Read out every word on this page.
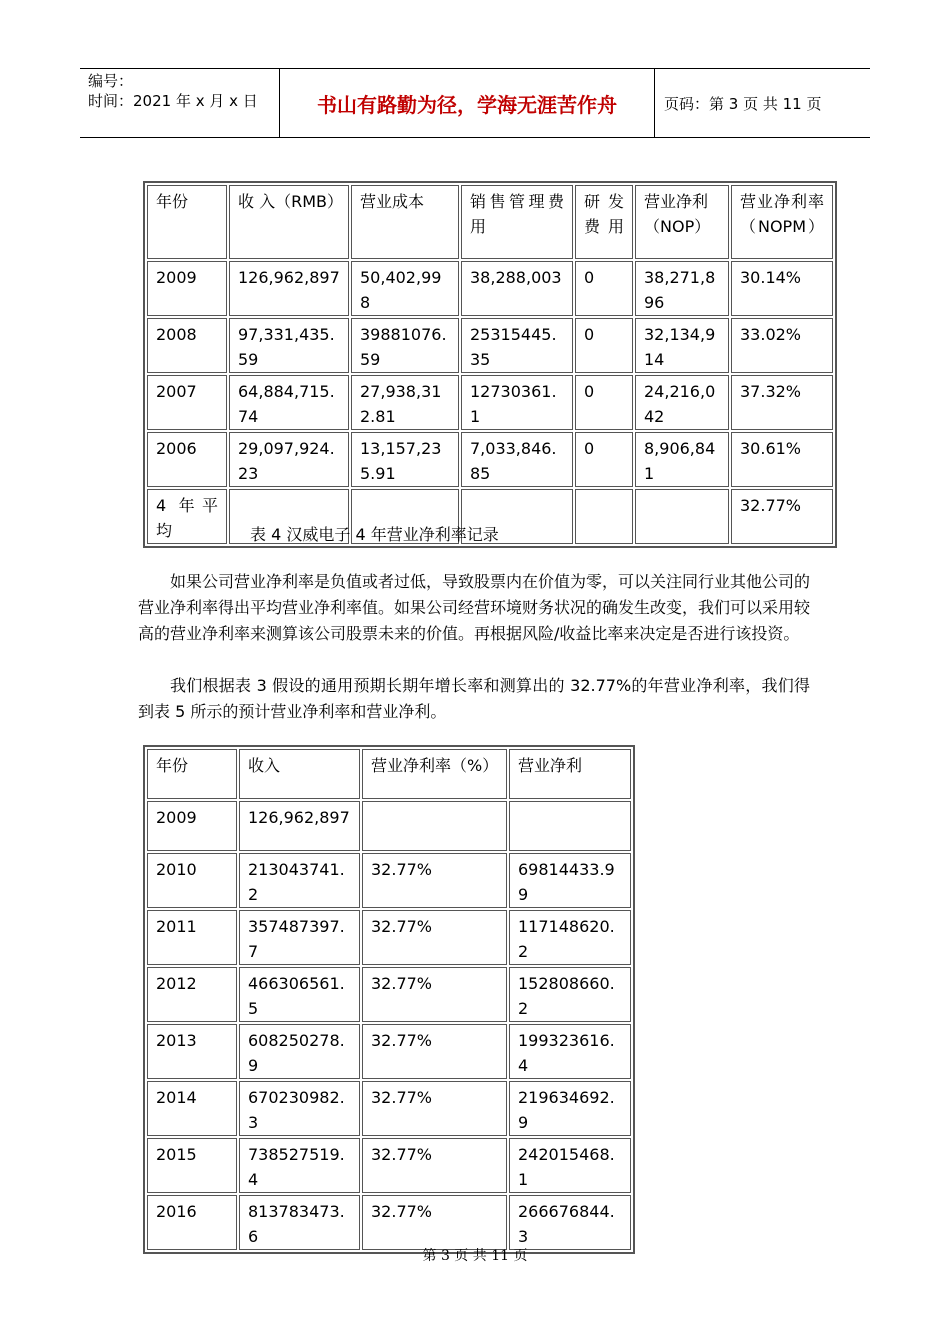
编号：
时间：2021 年 x 月 x 日	书山有路勤为径，学海无涯苦作舟	页码：第 3 页 共 11 页
年份	收 入（RMB）	营业成本	销售管理费用	研发费用	营业净利（NOP）	营业净利率（NOPM）
2009	126,962,897	50,402,998	38,288,003	0	38,271,896	30.14%
2008	97,331,435.59	39881076.59	25315445.35	0	32,134,914	33.02%
2007	64,884,715.74	27,938,312.81	12730361.1	0	24,216,042	37.32%
2006	29,097,924.23	13,157,235.91	7,033,846.85	0	8,906,841	30.61%
4 年平均						32.77%
表 4 汉威电子 4 年营业净利率记录

如果公司营业净利率是负值或者过低，导致股票内在价值为零，可以关注同行业其他公司的营业净利率得出平均营业净利率值。如果公司经营环境财务状况的确发生改变，我们可以采用较高的营业净利率来测算该公司股票未来的价值。再根据风险/收益比率来决定是否进行该投资。

我们根据表 3 假设的通用预期长期年增长率和测算出的 32.77%的年营业净利率，我们得到表 5 所示的预计营业净利率和营业净利。

年份	收入	营业净利率（%）	营业净利
2009	126,962,897		
2010	213043741.2	32.77%	69814433.99
2011	357487397.7	32.77%	117148620.2
2012	466306561.5	32.77%	152808660.2
2013	608250278.9	32.77%	199323616.4
2014	670230982.3	32.77%	219634692.9
2015	738527519.4	32.77%	242015468.1
2016	813783473.6	32.77%	266676844.3
第 3 页 共 11 页
